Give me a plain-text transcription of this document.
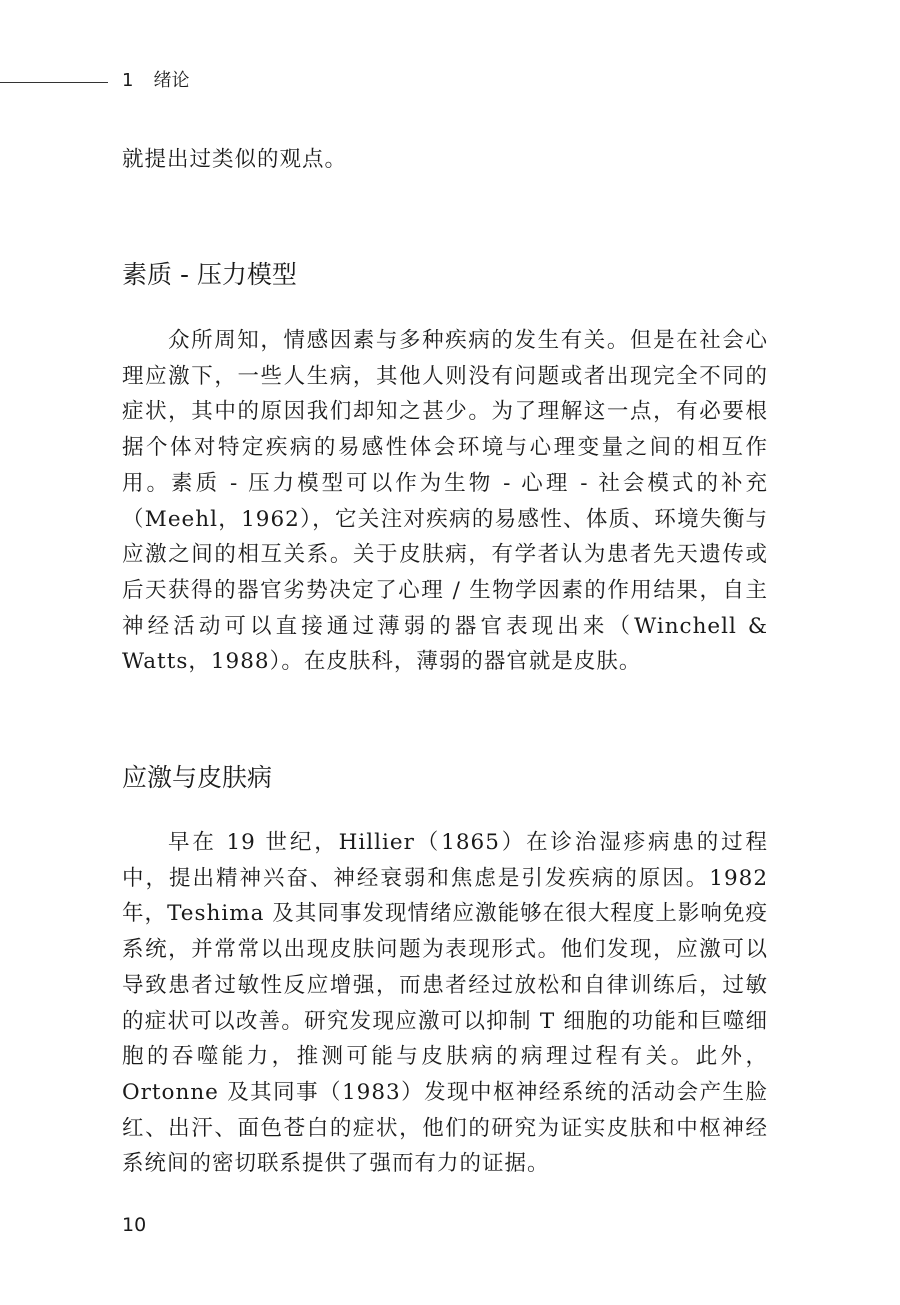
1 绪论

就提出过类似的观点。

素质 - 压力模型

众所周知，情感因素与多种疾病的发生有关。但是在社会心理应激下，一些人生病，其他人则没有问题或者出现完全不同的症状，其中的原因我们却知之甚少。为了理解这一点，有必要根据个体对特定疾病的易感性体会环境与心理变量之间的相互作用。素质 - 压力模型可以作为生物 - 心理 - 社会模式的补充（Meehl，1962），它关注对疾病的易感性、体质、环境失衡与应激之间的相互关系。关于皮肤病，有学者认为患者先天遗传或后天获得的器官劣势决定了心理 / 生物学因素的作用结果，自主神经活动可以直接通过薄弱的器官表现出来（Winchell & Watts，1988）。在皮肤科，薄弱的器官就是皮肤。

应激与皮肤病

早在 19 世纪，Hillier（1865）在诊治湿疹病患的过程中，提出精神兴奋、神经衰弱和焦虑是引发疾病的原因。1982 年，Teshima 及其同事发现情绪应激能够在很大程度上影响免疫系统，并常常以出现皮肤问题为表现形式。他们发现，应激可以导致患者过敏性反应增强，而患者经过放松和自律训练后，过敏的症状可以改善。研究发现应激可以抑制 T 细胞的功能和巨噬细胞的吞噬能力，推测可能与皮肤病的病理过程有关。此外，Ortonne 及其同事（1983）发现中枢神经系统的活动会产生脸红、出汗、面色苍白的症状，他们的研究为证实皮肤和中枢神经系统间的密切联系提供了强而有力的证据。

10
